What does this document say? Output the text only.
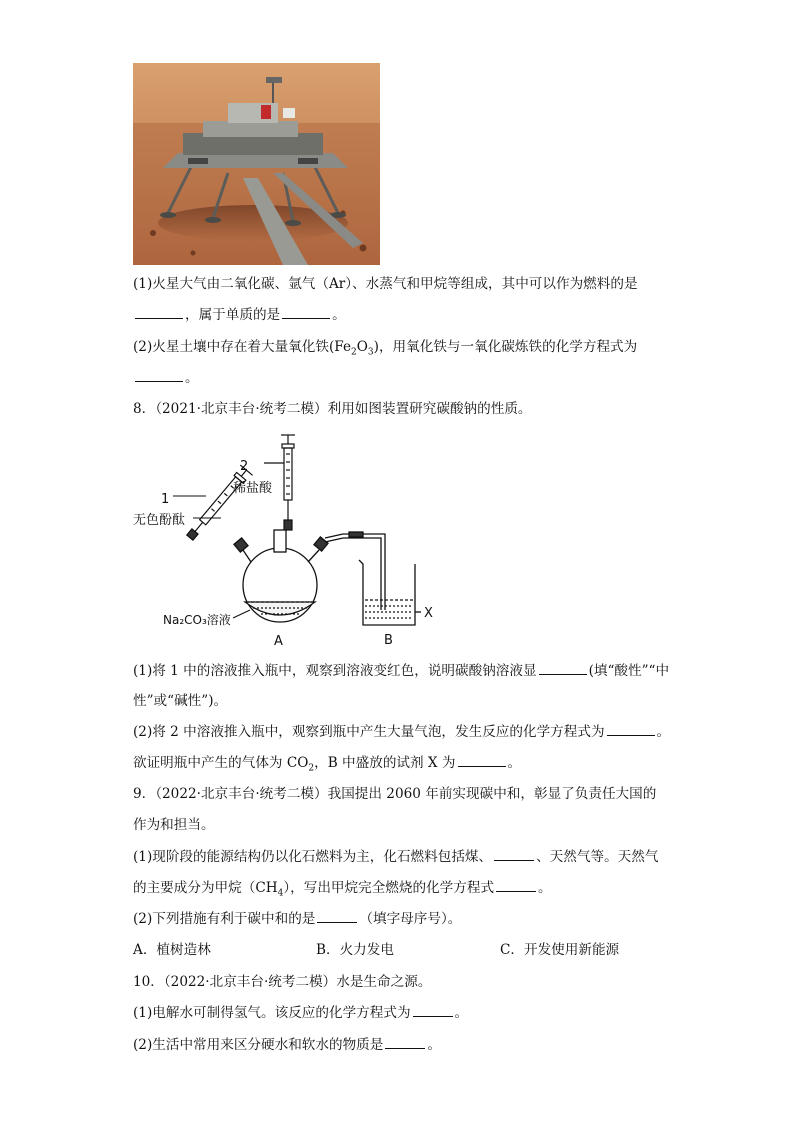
(1)火星大气由二氧化碳、氩气（Ar）、水蒸气和甲烷等组成，其中可以作为燃料的是
，属于单质的是	。
(2)火星土壤中存在着大量氧化铁$(Fe_2O_3)$，用氧化铁与一氧化碳炼铁的化学方程式为
。
8．（2021·北京丰台·统考二模）利用如图装置研究碳酸钠的性质。
1
无色酚酞
2
稀盐酸
Na₂CO₃溶液
A	B
X
(1)将 1 中的溶液推入瓶中，观察到溶液变红色，说明碳酸钠溶液显	(填“酸性”“中
性”或“碱性”)。
(2)将 2 中溶液推入瓶中，观察到瓶中产生大量气泡，发生反应的化学方程式为	。
欲证明瓶中产生的气体为 $CO_2$，B 中盛放的试剂 X 为	。
9．（2022·北京丰台·统考二模）我国提出 2060 年前实现碳中和，彰显了负责任大国的
作为和担当。
(1)现阶段的能源结构仍以化石燃料为主，化石燃料包括煤、	、天然气等。天然气
的主要成分为甲烷$(CH_4)$，写出甲烷完全燃烧的化学方程式	。
(2)下列措施有利于碳中和的是	（填字母序号）。
A．植树造林	B．火力发电	C．开发使用新能源
10．（2022·北京丰台·统考二模）水是生命之源。
(1)电解水可制得氢气。该反应的化学方程式为	。
(2)生活中常用来区分硬水和软水的物质是	。
